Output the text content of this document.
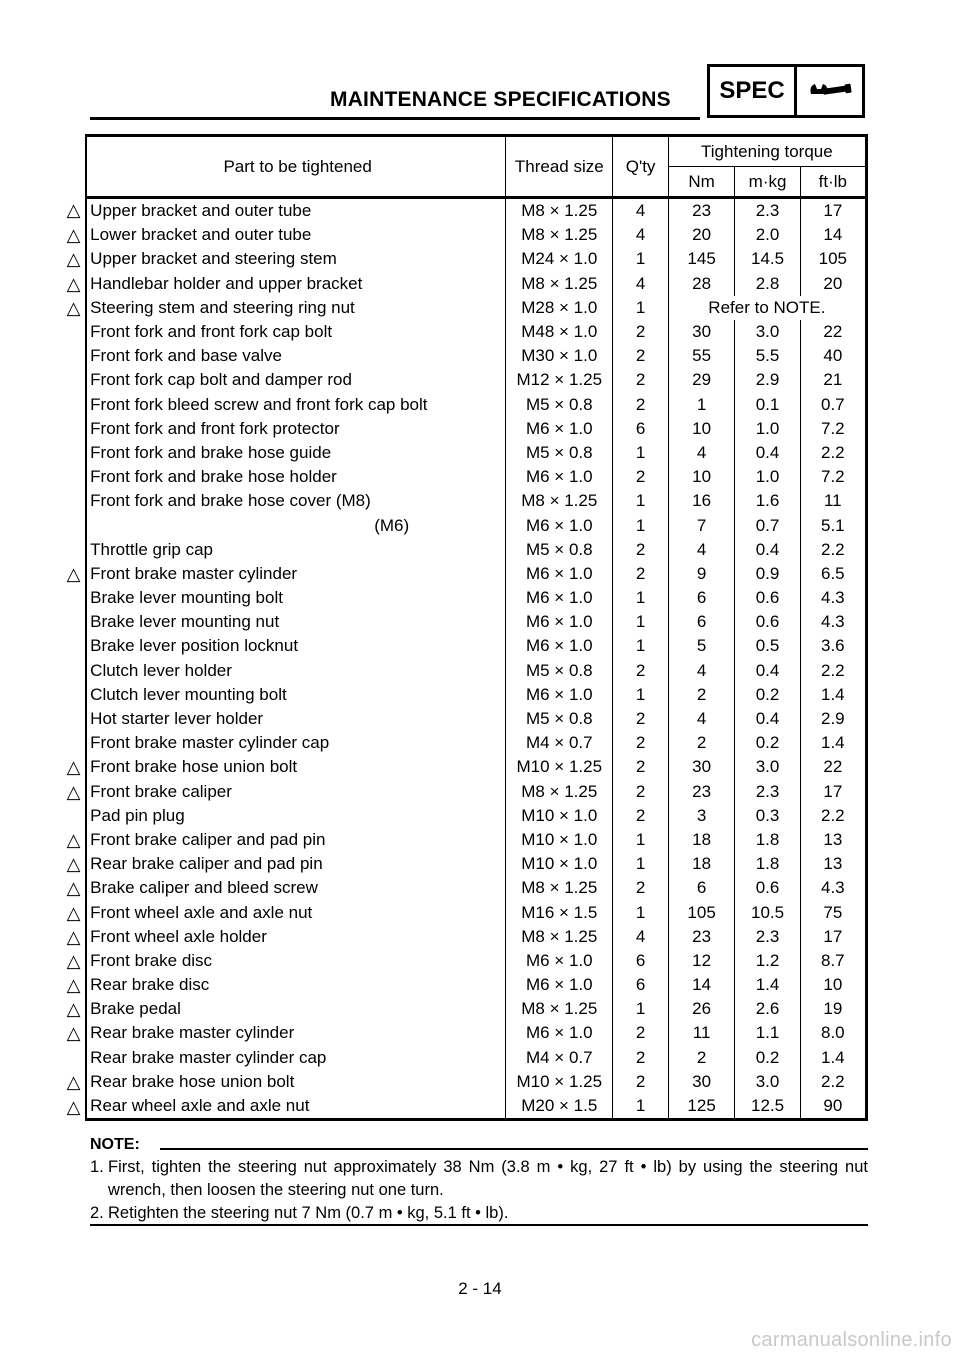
MAINTENANCE SPECIFICATIONS	SPEC
	Part to be tightened	Thread size	Q'ty	Tightening torque		
				Nm	m·kg	ft·lb
△	Upper bracket and outer tube	M8 × 1.25	4	23	2.3	17
△	Lower bracket and outer tube	M8 × 1.25	4	20	2.0	14
△	Upper bracket and steering stem	M24 × 1.0	1	145	14.5	105
△	Handlebar holder and upper bracket	M8 × 1.25	4	28	2.8	20
△	Steering stem and steering ring nut	M28 × 1.0	1	Refer to NOTE.		
	Front fork and front fork cap bolt	M48 × 1.0	2	30	3.0	22
	Front fork and base valve	M30 × 1.0	2	55	5.5	40
	Front fork cap bolt and damper rod	M12 × 1.25	2	29	2.9	21
	Front fork bleed screw and front fork cap bolt	M5 × 0.8	2	1	0.1	0.7
	Front fork and front fork protector	M6 × 1.0	6	10	1.0	7.2
	Front fork and brake hose guide	M5 × 0.8	1	4	0.4	2.2
	Front fork and brake hose holder	M6 × 1.0	2	10	1.0	7.2
	Front fork and brake hose cover (M8)	M8 × 1.25	1	16	1.6	11
	(M6)	M6 × 1.0	1	7	0.7	5.1
	Throttle grip cap	M5 × 0.8	2	4	0.4	2.2
△	Front brake master cylinder	M6 × 1.0	2	9	0.9	6.5
	Brake lever mounting bolt	M6 × 1.0	1	6	0.6	4.3
	Brake lever mounting nut	M6 × 1.0	1	6	0.6	4.3
	Brake lever position locknut	M6 × 1.0	1	5	0.5	3.6
	Clutch lever holder	M5 × 0.8	2	4	0.4	2.2
	Clutch lever mounting bolt	M6 × 1.0	1	2	0.2	1.4
	Hot starter lever holder	M5 × 0.8	2	4	0.4	2.9
	Front brake master cylinder cap	M4 × 0.7	2	2	0.2	1.4
△	Front brake hose union bolt	M10 × 1.25	2	30	3.0	22
△	Front brake caliper	M8 × 1.25	2	23	2.3	17
	Pad pin plug	M10 × 1.0	2	3	0.3	2.2
△	Front brake caliper and pad pin	M10 × 1.0	1	18	1.8	13
△	Rear brake caliper and pad pin	M10 × 1.0	1	18	1.8	13
△	Brake caliper and bleed screw	M8 × 1.25	2	6	0.6	4.3
△	Front wheel axle and axle nut	M16 × 1.5	1	105	10.5	75
△	Front wheel axle holder	M8 × 1.25	4	23	2.3	17
△	Front brake disc	M6 × 1.0	6	12	1.2	8.7
△	Rear brake disc	M6 × 1.0	6	14	1.4	10
△	Brake pedal	M8 × 1.25	1	26	2.6	19
△	Rear brake master cylinder	M6 × 1.0	2	11	1.1	8.0
	Rear brake master cylinder cap	M4 × 0.7	2	2	0.2	1.4
△	Rear brake hose union bolt	M10 × 1.25	2	30	3.0	2.2
△	Rear wheel axle and axle nut	M20 × 1.5	1	125	12.5	90
NOTE:
1. First, tighten the steering nut approximately 38 Nm (3.8 m • kg, 27 ft • lb) by using the steering nut wrench, then loosen the steering nut one turn.
2. Retighten the steering nut 7 Nm (0.7 m • kg, 5.1 ft • lb).
2 - 14
carmanualsonline.info
